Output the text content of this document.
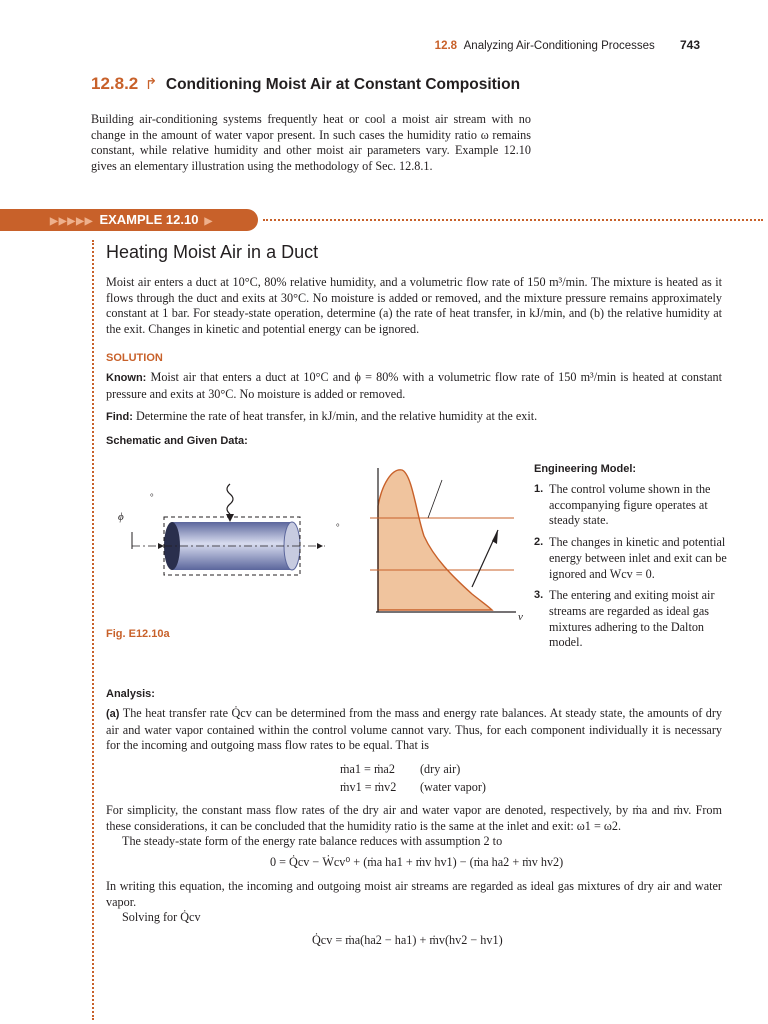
12.8 Analyzing Air-Conditioning Processes 743
12.8.2 ↱ Conditioning Moist Air at Constant Composition
Building air-conditioning systems frequently heat or cool a moist air stream with no change in the amount of water vapor present. In such cases the humidity ratio ω remains constant, while relative humidity and other moist air parameters vary. Example 12.10 gives an elementary illustration using the methodology of Sec. 12.8.1.
▶▶▶▶▶ EXAMPLE 12.10 ▶
Heating Moist Air in a Duct
Moist air enters a duct at 10°C, 80% relative humidity, and a volumetric flow rate of 150 m³/min. The mixture is heated as it flows through the duct and exits at 30°C. No moisture is added or removed, and the mixture pressure remains approximately constant at 1 bar. For steady-state operation, determine (a) the rate of heat transfer, in kJ/min, and (b) the relative humidity at the exit. Changes in kinetic and potential energy can be ignored.
SOLUTION
Known: Moist air that enters a duct at 10°C and ϕ = 80% with a volumetric flow rate of 150 m³/min is heated at constant pressure and exits at 30°C. No moisture is added or removed.
Find: Determine the rate of heat transfer, in kJ/min, and the relative humidity at the exit.
Schematic and Given Data:
ϕ
°
°
v
Fig. E12.10a
Engineering Model:
1. The control volume shown in the accompanying figure operates at steady state.
2. The changes in kinetic and potential energy between inlet and exit can be ignored and Wcv = 0.
3. The entering and exiting moist air streams are regarded as ideal gas mixtures adhering to the Dalton model.
Analysis:
(a) The heat transfer rate Q̇cv can be determined from the mass and energy rate balances. At steady state, the amounts of dry air and water vapor contained within the control volume cannot vary. Thus, for each component individually it is necessary for the incoming and outgoing mass flow rates to be equal. That is
ṁa1 = ṁa2 (dry air)
ṁv1 = ṁv2 (water vapor)
For simplicity, the constant mass flow rates of the dry air and water vapor are denoted, respectively, by ṁa and ṁv. From these considerations, it can be concluded that the humidity ratio is the same at the inlet and exit: ω1 = ω2.
The steady-state form of the energy rate balance reduces with assumption 2 to
0 = Q̇cv − Ẇcv⁰ + (ṁa ha1 + ṁv hv1) − (ṁa ha2 + ṁv hv2)
In writing this equation, the incoming and outgoing moist air streams are regarded as ideal gas mixtures of dry air and water vapor.
Solving for Q̇cv
Q̇cv = ṁa(ha2 − ha1) + ṁv(hv2 − hv1)
